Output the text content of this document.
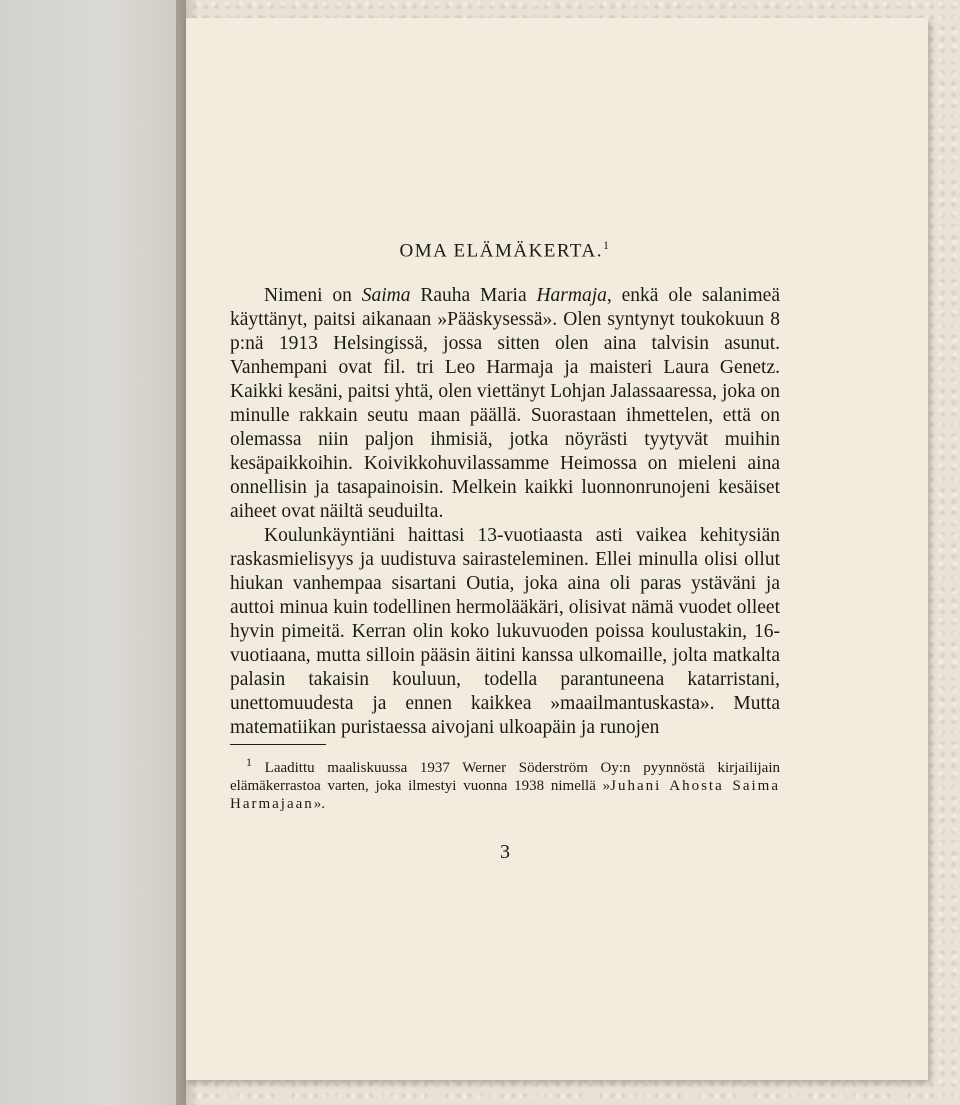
OMA ELÄMÄKERTA.$^1$

Nimeni on Saima Rauha Maria Harmaja, enkä ole salanimeä käyttänyt, paitsi aikanaan »Pääskysessä». Olen syntynyt toukokuun 8 p:nä 1913 Helsingissä, jossa sitten olen aina talvisin asunut. Vanhempani ovat fil. tri Leo Harmaja ja maisteri Laura Genetz. Kaikki kesäni, paitsi yhtä, olen viettänyt Lohjan Jalassaaressa, joka on minulle rakkain seutu maan päällä. Suorastaan ihmettelen, että on olemassa niin paljon ihmisiä, jotka nöyrästi tyytyvät muihin kesäpaikkoihin. Koivikkohuvilassamme Heimossa on mieleni aina onnellisin ja tasapainoisin. Melkein kaikki luonnonrunojeni kesäiset aiheet ovat näiltä seuduilta.

Koulunkäyntiäni haittasi 13-vuotiaasta asti vaikea kehitysiän raskasmielisyys ja uudistuva sairasteleminen. Ellei minulla olisi ollut hiukan vanhempaa sisartani Outia, joka aina oli paras ystäväni ja auttoi minua kuin todellinen hermolääkäri, olisivat nämä vuodet olleet hyvin pimeitä. Kerran olin koko lukuvuoden poissa koulustakin, 16-vuotiaana, mutta silloin pääsin äitini kanssa ulkomaille, jolta matkalta palasin takaisin kouluun, todella parantuneena katarristani, unettomuudesta ja ennen kaikkea »maailmantuskasta». Mutta matematiikan puristaessa aivojani ulkoapäin ja runojen

$^1$ Laadittu maaliskuussa 1937 Werner Söderström Oy:n pyynnöstä kirjailijain elämäkerrastoa varten, joka ilmestyi vuonna 1938 nimellä »Juhani Ahosta Saima Harmajaan».

3
